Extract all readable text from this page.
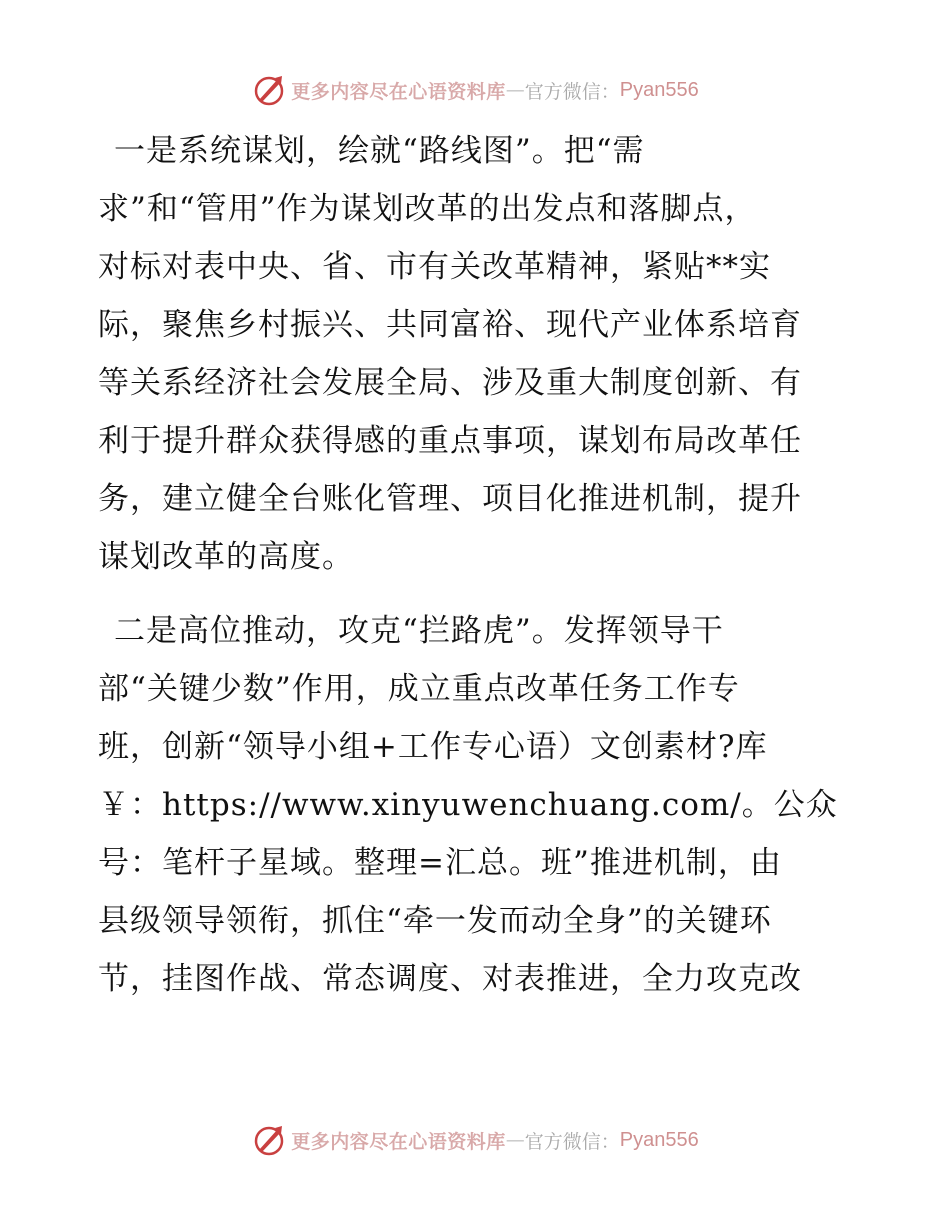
更多内容尽在心语资料库 — 官方微信： Pyan556
一是系统谋划，绘就“路线图”。把“需
求”和“管用”作为谋划改革的出发点和落脚点，
对标对表中央、省、市有关改革精神，紧贴**实
际，聚焦乡村振兴、共同富裕、现代产业体系培育
等关系经济社会发展全局、涉及重大制度创新、有
利于提升群众获得感的重点事项，谋划布局改革任
务，建立健全台账化管理、项目化推进机制，提升
谋划改革的高度。
二是高位推动，攻克“拦路虎”。发挥领导干
部“关键少数”作用，成立重点改革任务工作专
班，创新“领导小组+工作专心语）文创素材?库
￥：https://www.xinyuwenchuang.com/。公众
号：笔杆子星域。整理=汇总。班”推进机制，由
县级领导领衔，抓住“牵一发而动全身”的关键环
节，挂图作战、常态调度、对表推进，全力攻克改
更多内容尽在心语资料库 — 官方微信： Pyan556
